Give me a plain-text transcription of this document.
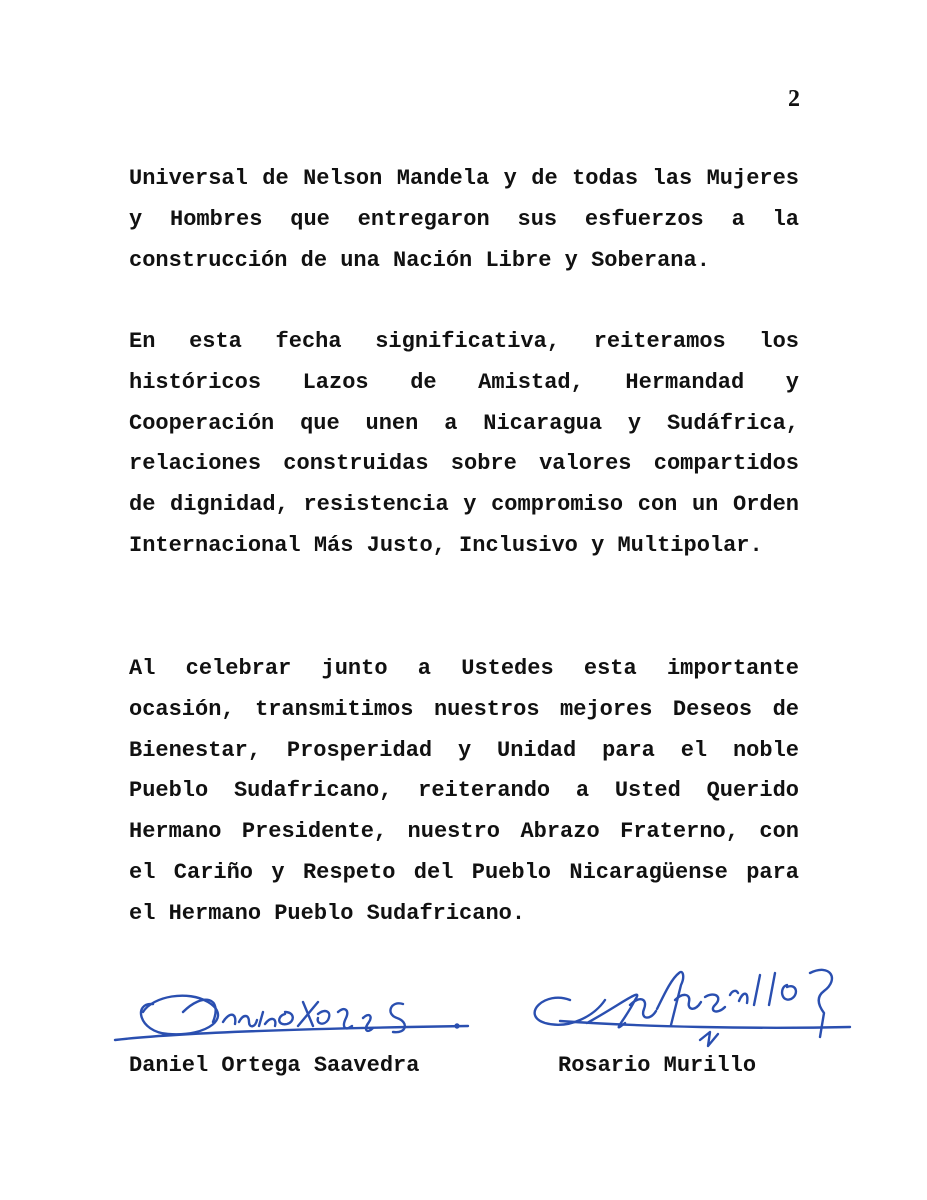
2

Universal de Nelson Mandela y de todas las Mujeres y Hombres que entregaron sus esfuerzos a la construcción de una Nación Libre y Soberana.

En esta fecha significativa, reiteramos los históricos Lazos de Amistad, Hermandad y Cooperación que unen a Nicaragua y Sudáfrica, relaciones construidas sobre valores compartidos de dignidad, resistencia y compromiso con un Orden Internacional Más Justo, Inclusivo y Multipolar.

Al celebrar junto a Ustedes esta importante ocasión, transmitimos nuestros mejores Deseos de Bienestar, Prosperidad y Unidad para el noble Pueblo Sudafricano, reiterando a Usted Querido Hermano Presidente, nuestro Abrazo Fraterno, con el Cariño y Respeto del Pueblo Nicaragüense para el Hermano Pueblo Sudafricano.

Daniel Ortega Saavedra	Rosario Murillo
